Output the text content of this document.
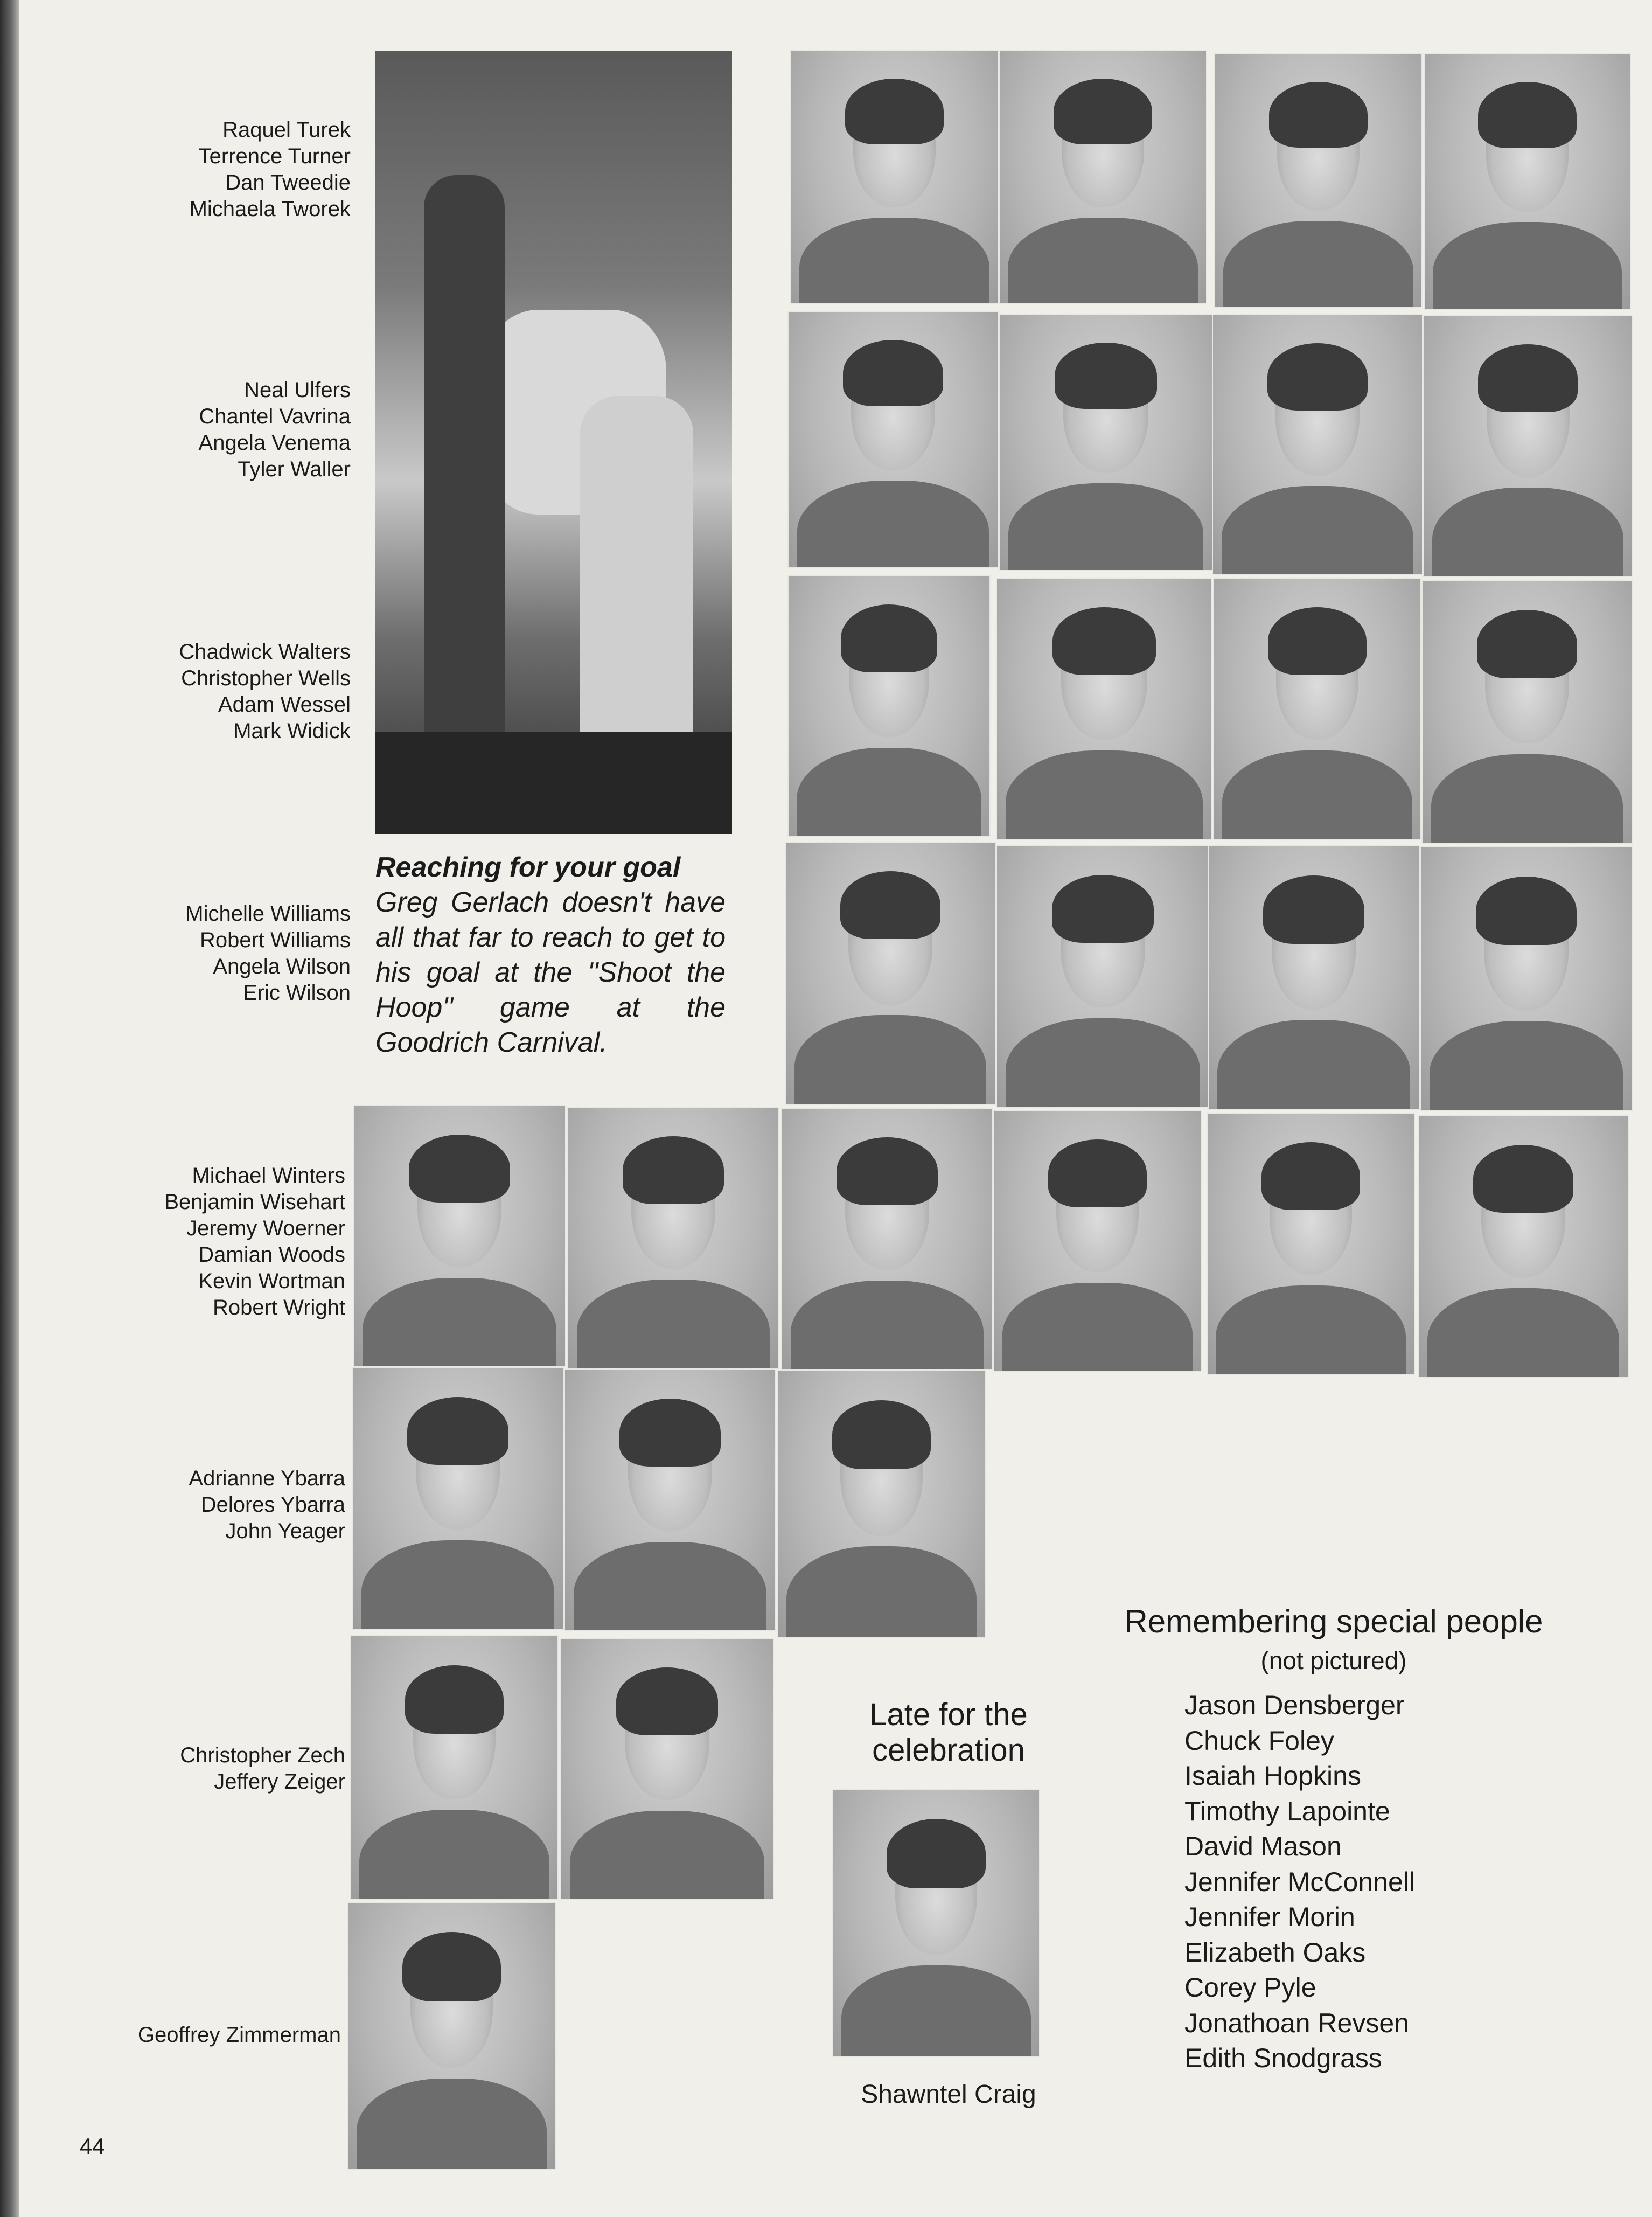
Raquel Turek
Terrence Turner
Dan Tweedie
Michaela Tworek
Neal Ulfers
Chantel Vavrina
Angela Venema
Tyler Waller
Chadwick Walters
Christopher Wells
Adam Wessel
Mark Widick
Michelle Williams
Robert Williams
Angela Wilson
Eric Wilson
Michael Winters
Benjamin Wisehart
Jeremy Woerner
Damian Woods
Kevin Wortman
Robert Wright
Adrianne Ybarra
Delores Ybarra
John Yeager
Christopher Zech
Jeffery Zeiger
Geoffrey Zimmerman
Reaching for your goal
Greg Gerlach doesn't have all that far to reach to get to his goal at the ''Shoot the Hoop'' game at the Goodrich Carnival.
Late for the
celebration
Shawntel Craig
Remembering special people
(not pictured)
Jason Densberger
Chuck Foley
Isaiah Hopkins
Timothy Lapointe
David Mason
Jennifer McConnell
Jennifer Morin
Elizabeth Oaks
Corey Pyle
Jonathoan Revsen
Edith Snodgrass
44
